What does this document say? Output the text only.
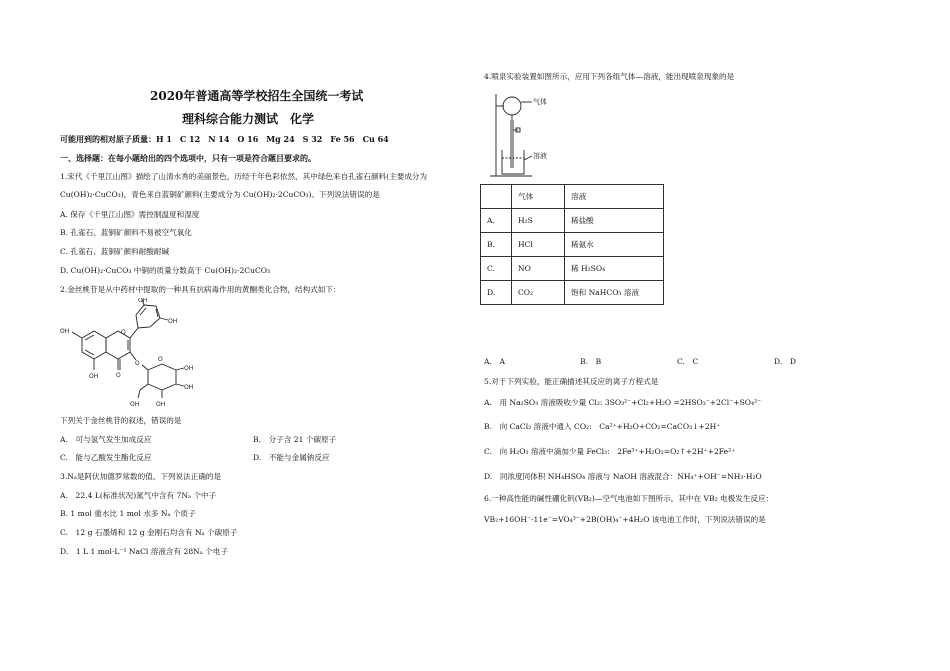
2020年普通高等学校招生全国统一考试
理科综合能力测试　化学
可能用到的相对原子质量：H 1　C 12　N 14　O 16　Mg 24　S 32　Fe 56　Cu 64
一、选择题：在每小题给出的四个选项中，只有一项是符合题目要求的。
1.宋代《千里江山图》描绘了山清水秀的美丽景色，历经千年色彩依然，其中绿色来自孔雀石颜料(主要成分为
Cu(OH)₂·CuCO₃)，青色来自蓝铜矿颜料(主要成分为 Cu(OH)₂·2CuCO₃)。下列说法错误的是
A. 保存《千里江山图》需控制温度和湿度
B. 孔雀石、蓝铜矿颜料不易被空气氧化
C. 孔雀石、蓝铜矿颜料耐酸耐碱
D. Cu(OH)₂·CuCO₃ 中铜的质量分数高于 Cu(OH)₂·2CuCO₃
2.金丝桃苷是从中药材中提取的一种具有抗病毒作用的黄酮类化合物，结构式如下：
OH
OH	O
O
OH
OH
O
O
OH
OH
OH
OH
下列关于金丝桃苷的叙述，错误的是
A.　可与氢气发生加成反应	B.　分子含 21 个碳原子
C.　能与乙酸发生酯化反应	D.　不能与金属钠反应
3.Nₐ是阿伏加德罗常数的值。下列说法正确的是
A.　22.4 L(标准状况)氮气中含有 7Nₐ 个中子
B. 1 mol 重水比 1 mol 水多 Nₐ 个质子
C.　12 g 石墨烯和 12 g 金刚石均含有 Nₐ 个碳原子
D.　1 L 1 mol·L⁻¹ NaCl 溶液含有 28Nₐ 个电子
4.喷泉实验装置如图所示，应用下列各组气体—溶液，能出现喷泉现象的是
气体
溶液
	气体	溶液
A.	H₂S	稀盐酸
B.	HCl	稀氨水
C.	NO	稀 H₂SO₄
D.	CO₂	饱和 NaHCO₃ 溶液
A.　A	B.　B	C.　C	D.　D
5.对于下列实验，能正确描述其反应的离子方程式是
A.　用 Na₂SO₃ 溶液吸收少量 Cl₂: 3SO₃²⁻+Cl₂+H₂O =2HSO₃⁻+2Cl⁻+SO₄²⁻
B.　向 CaCl₂ 溶液中通入 CO₂:　Ca²⁺+H₂O+CO₂=CaCO₃↓+2H⁺
C.　向 H₂O₂ 溶液中滴加少量 FeCl₃:　2Fe³⁺+H₂O₂=O₂↑+2H⁺+2Fe²⁺
D.　同浓度同体积 NH₄HSO₄ 溶液与 NaOH 溶液混合：NH₄⁺+OH⁻=NH₃·H₂O
6.一种高性能的碱性硼化钒(VB₂)—空气电池如下图所示，其中在 VB₂ 电极发生反应：
VB₂+16OH⁻-11e⁻=VO₄³⁻+2B(OH)₄⁻+4H₂O 该电池工作时，下列说法错误的是
